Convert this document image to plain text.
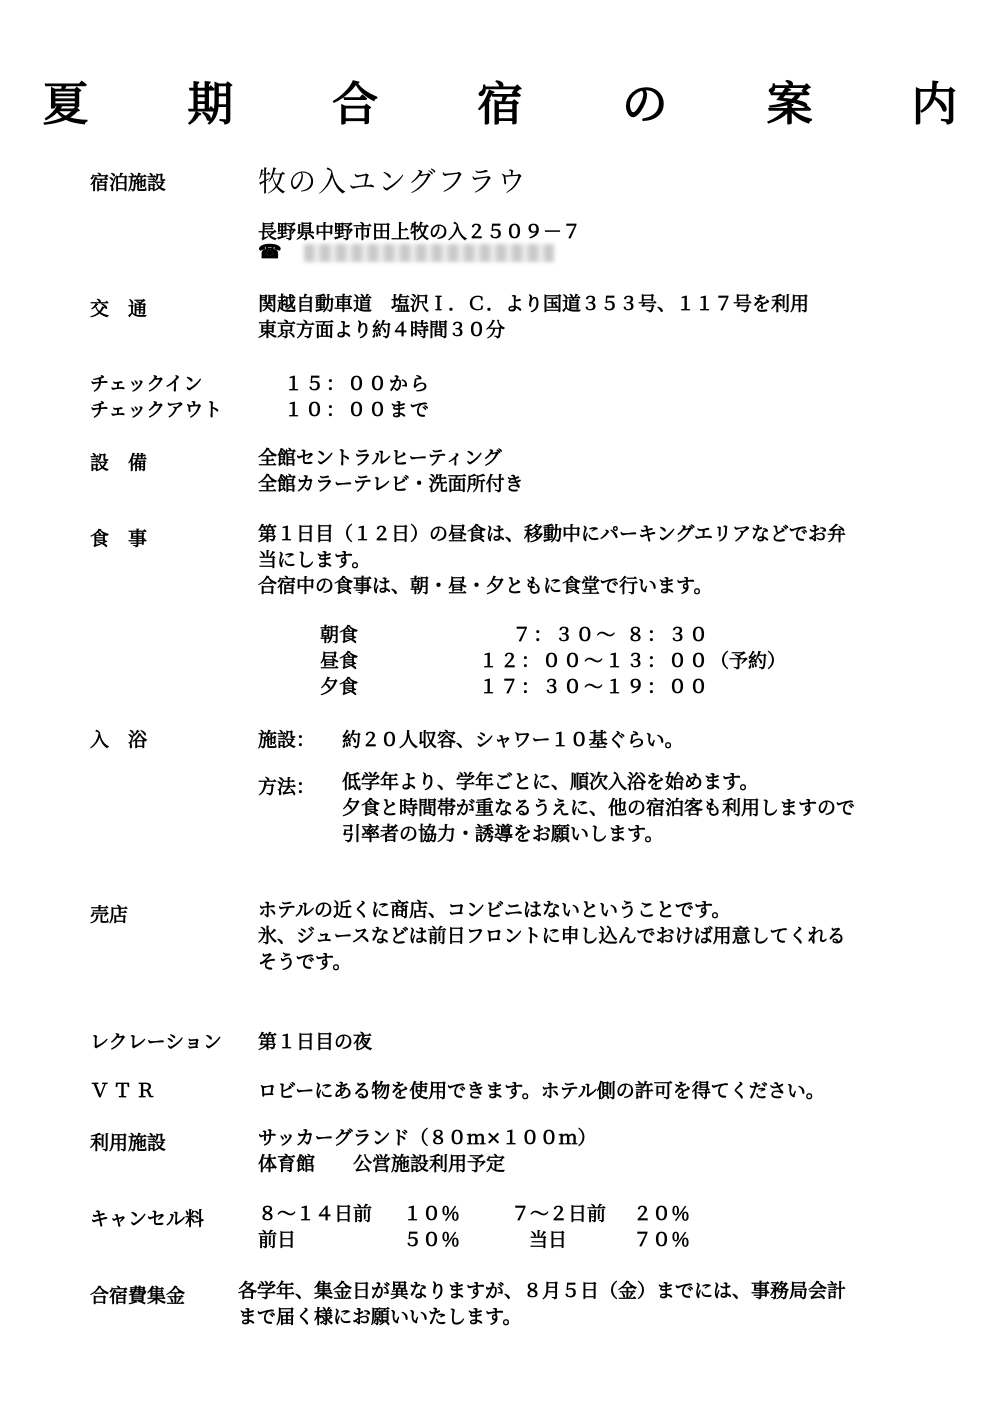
夏 期 合 宿 の 案 内
宿泊施設	牧の入ユングフラウ
長野県中野市田上牧の入２５０９－７
☎
交　通	関越自動車道　塩沢Ｉ．Ｃ．より国道３５３号、１１７号を利用
東京方面より約４時間３０分
チェックイン	１５：００から
チェックアウト	１０：００まで
設　備	全館セントラルヒーティング
全館カラーテレビ・洗面所付き
食　事	第１日目（１２日）の昼食は、移動中にパーキングエリアなどでお弁
当にします。
合宿中の食事は、朝・昼・夕ともに食堂で行います。
朝食	７：３０～ ８：３０
昼食	１２：００～１３：００（予約）
夕食	１７：３０～１９：００
入　浴	施設： 約２０人収容、シャワー１０基ぐらい。
方法： 低学年より、学年ごとに、順次入浴を始めます。
夕食と時間帯が重なるうえに、他の宿泊客も利用しますので
引率者の協力・誘導をお願いします。
売店	ホテルの近くに商店、コンビニはないということです。
氷、ジュースなどは前日フロントに申し込んでおけば用意してくれる
そうです。
レクレーション 第１日目の夜
ＶＴＲ	ロビーにある物を使用できます。ホテル側の許可を得てください。
利用施設	サッカーグランド（８０ｍ×１００ｍ）
体育館　　公営施設利用予定
キャンセル料	８～１４日前 １０％	７～２日前 ２０％
前日	５０％	当日	７０％
合宿費集金	各学年、集金日が異なりますが、８月５日（金）までには、事務局会計
まで届く様にお願いいたします。
